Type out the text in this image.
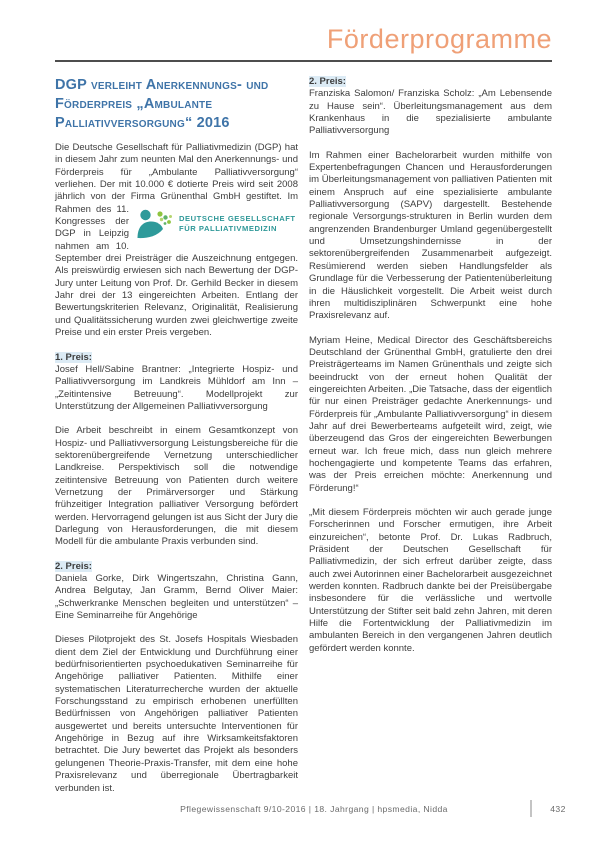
Förderprogramme
DGP verleiht Anerkennungs- und Förderpreis „Ambulante Palliativversorgung“ 2016

Die Deutsche Gesellschaft für Palliativmedizin (DGP) hat in diesem Jahr zum neunten Mal den Anerkennungs- und Förderpreis für „Ambulante Palliativversorgung“ verliehen. Der mit 10.000 € dotierte Preis wird seit 2008 jährlich von der Firma Grünenthal GmbH gestiftet.
DEUTSCHE GESELLSCHAFT
FÜR PALLIATIVMEDIZIN
Im Rahmen des 11. Kongresses der DGP in Leipzig nahmen am 10. September drei Preisträger die Auszeichnung entgegen. Als preiswürdig erwiesen sich nach Bewertung der DGP-Jury unter Leitung von Prof. Dr. Gerhild Becker in diesem Jahr drei der 13 eingereichten Arbeiten. Entlang der Bewertungskriterien Relevanz, Originalität, Realisierung und Qualitätssicherung wurden zwei gleichwertige zweite Preise und ein erster Preis vergeben.

1. Preis:

Josef Hell/Sabine Brantner: „Integrierte Hospiz- und Palliativversorgung im Landkreis Mühldorf am Inn – „Zeitintensive Betreuung“. Modellprojekt zur Unterstützung der Allgemeinen Palliativversorgung

Die Arbeit beschreibt in einem Gesamtkonzept von Hospiz- und Palliativversorgung Leistungsbereiche für die sektorenübergreifende Vernetzung unterschiedlicher Landkreise. Perspektivisch soll die notwendige zeitintensive Betreuung von Patienten durch weitere Vernetzung der Primärversorger und Stärkung frühzeitiger Integration palliativer Versorgung befördert werden. Hervorragend gelungen ist aus Sicht der Jury die Darlegung von Herausforderungen, die mit diesem Modell für die ambulante Praxis verbunden sind.

2. Preis:

Daniela Gorke, Dirk Wingertszahn, Christina Gann, Andrea Belgutay, Jan Gramm, Bernd Oliver Maier: „Schwerkranke Menschen begleiten und unterstützen“ – Eine Seminarreihe für Angehörige

Dieses Pilotprojekt des St. Josefs Hospitals Wiesbaden dient dem Ziel der Entwicklung und Durchführung einer bedürfnisorientierten psychoedukativen Seminarreihe für Angehörige palliativer Patienten. Mithilfe einer systematischen Literaturrecherche wurden der aktuelle Forschungsstand zu empirisch erhobenen unerfüllten Bedürfnissen von Angehörigen palliativer Patienten ausgewertet und bereits untersuchte Interventionen für Angehörige in Bezug auf ihre Wirksamkeitsfaktoren betrachtet. Die Jury bewertet das Projekt als besonders gelungenen Theorie-Praxis-Transfer, mit dem eine hohe Praxisrelevanz und überregionale Übertragbarkeit verbunden ist.

2. Preis:

Franziska Salomon/ Franziska Scholz: „Am Lebensende zu Hause sein“. Überleitungsmanagement aus dem Krankenhaus in die spezialisierte ambulante Palliativversorgung

Im Rahmen einer Bachelorarbeit wurden mithilfe von Expertenbefragungen Chancen und Herausforderungen im Überleitungsmanagement von palliativen Patienten mit einem Anspruch auf eine spezialisierte ambulante Palliativversorgung (SAPV) dargestellt. Bestehende regionale Versorgungs-strukturen in Berlin wurden dem angrenzenden Brandenburger Umland gegenübergestellt und Umsetzungshindernisse in der sektorenübergreifenden Zusammenarbeit aufgezeigt. Resümierend werden sieben Handlungsfelder als Grundlage für die Verbesserung der Patientenüberleitung in die Häuslichkeit vorgestellt. Die Arbeit weist durch ihren multidisziplinären Schwerpunkt eine hohe Praxisrelevanz auf.

Myriam Heine, Medical Director des Geschäftsbereichs Deutschland der Grünenthal GmbH, gratulierte den drei Preisträgerteams im Namen Grünenthals und zeigte sich beeindruckt von der erneut hohen Qualität der eingereichten Arbeiten. „Die Tatsache, dass der eigentlich für nur einen Preisträger gedachte Anerkennungs- und Förderpreis für „Ambulante Palliativversorgung“ in diesem Jahr auf drei Bewerberteams aufgeteilt wird, zeigt, wie überzeugend das Gros der eingereichten Bewerbungen erneut war. Ich freue mich, dass nun gleich mehrere hochengagierte und kompetente Teams das erfahren, was der Preis erreichen möchte: Anerkennung und Förderung!“

„Mit diesem Förderpreis möchten wir auch gerade junge Forscherinnen und Forscher ermutigen, ihre Arbeit einzureichen“, betonte Prof. Dr. Lukas Radbruch, Präsident der Deutschen Gesellschaft für Palliativmedizin, der sich erfreut darüber zeigte, dass auch zwei Autorinnen einer Bachelorarbeit ausgezeichnet werden konnten. Radbruch dankte bei der Preisübergabe insbesondere für die verlässliche und wertvolle Unterstützung der Stifter seit bald zehn Jahren, mit deren Hilfe die Fortentwicklung der Palliativmedizin im ambulanten Bereich in den vergangenen Jahren deutlich gefördert werden konnte.

Pflegewissenschaft 9/10-2016 | 18. Jahrgang | hpsmedia, Nidda	432
